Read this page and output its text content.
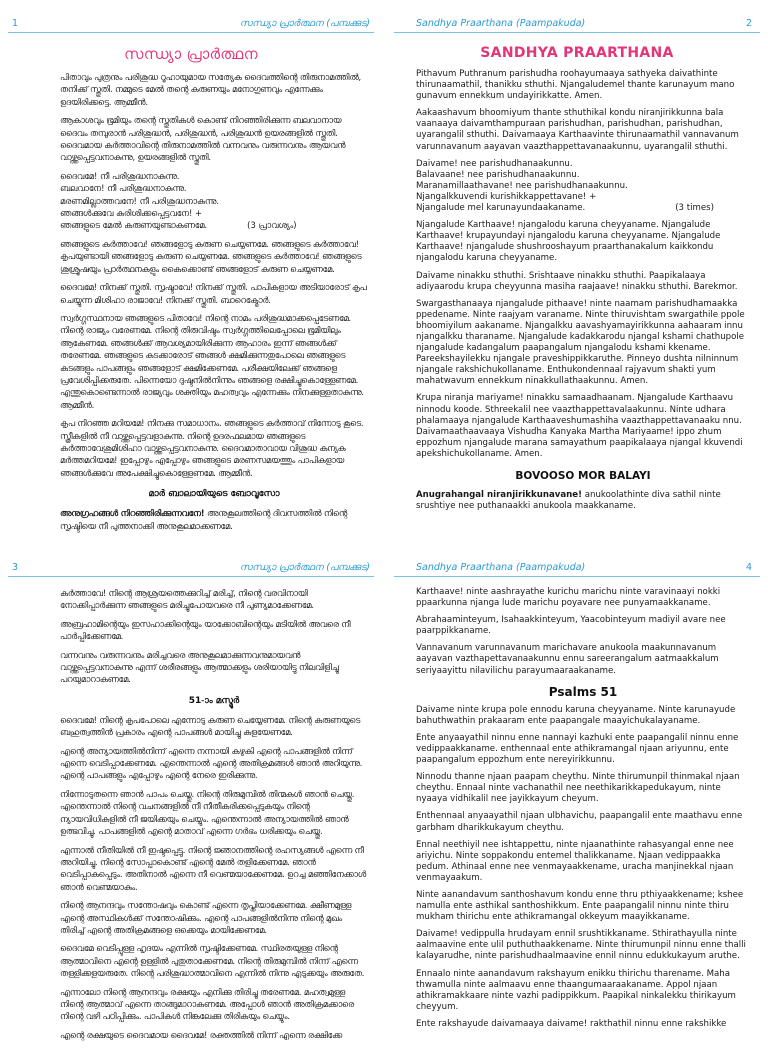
1	സന്ധ്യാ പ്രാർത്ഥന (പമ്പക്കുട)
സന്ധ്യാ പ്രാർത്ഥന

പിതാവും പുത്രനും പരിശുദ്ധ റൂഹായുമായ സത്യേക ദൈവത്തിന്റെ തിരുനാമത്തിൽ, തനിക്ക് സ്തുതി. നമ്മുടെ മേൽ തന്റെ കരുണയും മനോഗുണവും എന്നേക്കും ഉദയിരിക്കട്ടെ. ആമ്മീൻ.

ആകാശവും ഭൂമിയും തന്റെ സ്തുതികൾ കൊണ്ട് നിറഞ്ഞിരിക്കുന്ന ബലവാനായ ദൈവം തമ്പുരാൻ പരിശുദ്ധൻ, പരിശുദ്ധൻ, പരിശുദ്ധൻ ഉയരങ്ങളിൽ സ്തുതി. ദൈവമായ കർത്താവിന്റെ തിരുനാമത്തിൽ വന്നവനും വരുന്നവനും ആയവൻ വാഴ്ത്തപ്പെട്ടവനാകുന്നു, ഉയരങ്ങളിൽ സ്തുതി.

ദൈവമേ! നീ പരിശുദ്ധനാകുന്നു.
ബലവാനേ! നീ പരിശുദ്ധനാകുന്നു.
മരണമില്ലാത്തവനേ! നീ പരിശുദ്ധനാകുന്നു.
ഞങ്ങൾക്കുവേ കുരിശിക്കപ്പെട്ടവനേ! +
ഞങ്ങളുടെ മേൽ കരുണയുണ്ടാകണമേ.	(3 പ്രാവശ്യം)

ഞങ്ങളുടെ കർത്താവേ! ഞങ്ങളോടു കരുണ ചെയ്യണമേ. ഞങ്ങളുടെ കർത്താവേ! കൃപയുണ്ടായി ഞങ്ങളോടു കരുണ ചെയ്യണമേ. ഞങ്ങളുടെ കർത്താവേ! ഞങ്ങളുടെ ശുശ്രൂഷയും പ്രാർത്ഥനകളും കൈക്കൊണ്ട് ഞങ്ങളോട് കരുണ ചെയ്യണമേ.

ദൈവമേ! നിനക്ക് സ്തുതി. സൃഷ്ടാവേ! നിനക്ക് സ്തുതി. പാപികളായ അടിയാരോട് കൃപ ചെയ്യുന്ന മിശിഹാ രാജാവേ! നിനക്ക് സ്തുതി. ബാറെക്മോർ.

സ്വർഗ്ഗസ്ഥനായ ഞങ്ങളുടെ പിതാവേ! നിന്റെ നാമം പരിശുദ്ധമാക്കപ്പെടേണമേ. നിന്റെ രാജ്യം വരേണമേ. നിന്റെ തിരുവിഷ്ടം സ്വർഗ്ഗത്തിലെപ്പോലെ ഭൂമിയിലും ആകേണമേ. ഞങ്ങൾക്ക് ആവശ്യമായിരിക്കുന്ന ആഹാരം ഇന്ന് ഞങ്ങൾക്ക് തരേണമേ. ഞങ്ങളുടെ കടക്കാരോട് ഞങ്ങൾ ക്ഷമിക്കുന്നതുപോലെ ഞങ്ങളുടെ കടങ്ങളും പാപങ്ങളും ഞങ്ങളോട് ക്ഷമിക്കേണമേ. പരീക്ഷയിലേക്ക് ഞങ്ങളെ പ്രവേശിപ്പിക്കരുതേ. പിന്നെയോ ദുഷ്ടനിൽനിന്നും ഞങ്ങളെ രക്ഷിച്ചുകൊള്ളേണമേ. എന്തുകൊണ്ടെന്നാൽ രാജ്യവും ശക്തിയും മഹത്വവും എന്നേക്കും നിനക്കുള്ളതാകുന്നു. ആമ്മീൻ.

കൃപ നിറഞ്ഞ മറിയമേ! നിനക്കു സമാധാനം. ഞങ്ങളുടെ കർത്താവ് നിന്നോടു കൂടെ. സ്ത്രീകളിൽ നീ വാഴ്ത്തപ്പെട്ടവളാകുന്നു. നിന്റെ ഉദരഫലമായ ഞങ്ങളുടെ കർത്താവേശുമിശിഹാ വാഴ്ത്തപ്പെട്ടവനാകുന്നു. ദൈവമാതാവായ വിശുദ്ധ കന്യക മർത്തമറിയമേ! ഇപ്പോഴും എപ്പോഴും ഞങ്ങളുടെ മരണസമയത്തും പാപികളായ ഞങ്ങൾക്കുവേ അപേക്ഷിച്ചുകൊള്ളേണമേ. ആമ്മീൻ.

മാർ ബാലായിയുടെ ബോവൂസോ

അനുഗ്രഹങ്ങൾ നിറഞ്ഞിരിക്കുന്നവനേ! അനുകൂലത്തിന്റെ ദിവസത്തിൽ നിന്റെ സൃഷ്ടിയെ നീ പുത്തനാക്കി അനുകൂലമാക്കണമേ.

Sandhya Praarthana (Paampakuda)	2
SANDHYA PRAARTHANA

Pithavum Puthranum parishudha roohayumaaya sathyeka daivathinte thirunaamathil, thanikku sthuthi. Njangaludemel thante karunayum mano gunavum ennekkum undayirikkatte. Amen.

Aakaashavum bhoomiyum thante sthuthikal kondu niranjirikkunna bala vaanaaya daivamthampuraan parishudhan, parishudhan, parishudhan, uyarangalil sthuthi. Daivamaaya Karthaavinte thirunaamathil vannavanum varunnavanum aayavan vaazthappettavanaakunnu, uyarangalil sthuthi.

Daivame! nee parishudhanaakunnu.
Balavaane! nee parishudhanaakunnu.
Maranamillaathavane! nee parishudhanaakunnu.
Njangalkkuvendi kurishikkappettavane! +
Njangalude mel karunayundaakaname.	(3 times)

Njangalude Karthaave! njangalodu karuna cheyyaname. Njangalude Karthaave! krupayundayi njangalodu karuna cheyyaname. Njangalude Karthaave! njangalude shushrooshayum praarthanakalum kaikkondu njangalodu karuna cheyyaname.

Daivame ninakku sthuthi. Srishtaave ninakku sthuthi. Paapikalaaya adiyaarodu krupa cheyyunna masiha raajaave! ninakku sthuthi. Barekmor.

Swargasthanaaya njangalude pithaave! ninte naamam parishudhamaakka ppedename. Ninte raajyam varaname. Ninte thiruvishtam swargathile ppole bhoomiyilum aakaname. Njangalkku aavashyamayirikkunna aahaaram innu njangalkku tharaname. Njangalude kadakkarodu njangal kshami chathupole njangalude kadangalum paapangalum njangalodu kshami kkename. Pareekshayilekku njangale praveshippikkaruthe. Pinneyo dushta nilninnum njangale rakshichukollaname. Enthukondennaal rajyavum shakti yum mahatwavum ennekkum ninakkullathaakunnu. Amen.

Krupa niranja mariyame! ninakku samaadhaanam. Njangalude Karthaavu ninnodu koode. Sthreekalil nee vaazthappettavalaakunnu. Ninte udhara phalamaaya njangalude Karthaaveshumashiha vaazthappettavanaaku nnu. Daivamaathaavaaya Vishudha Kanyaka Martha Mariyaame! ippo zhum eppozhum njangalude marana samayathum paapikalaaya njangal kkuvendi apekshichukollaname. Amen.

BOVOOSO MOR BALAYI

Anugrahangal niranjirikkunavane! anukoolathinte diva sathil ninte srushtiye nee puthanaakki anukoola maakkaname.

3	സന്ധ്യാ പ്രാർത്ഥന (പമ്പക്കുട)

കർത്താവേ! നിന്റെ ആശ്രയത്തെക്കുറിച്ച് മരിച്ച്, നിന്റെ വരവിനായി നോക്കിപ്പാർക്കുന്ന ഞങ്ങളുടെ മരിച്ചുപോയവരെ നീ പുണ്യമാക്കേണമേ.

അബ്രഹാമിന്റെയും ഇസഹാക്കിന്റെയും യാക്കോബിന്റെയും മടിയിൽ അവരെ നീ പാർപ്പിക്കേണമേ.

വന്നവനും വരുന്നവനും മരിച്ചവരെ അനുകൂലമാക്കുന്നവനുമായവൻ വാഴ്ത്തപ്പെട്ടവനാകുന്നു എന്ന് ശരീരങ്ങളും ആത്മാക്കളും ശരിയായിട്ടു നിലവിളിച്ചു പറയുമാറാകണമേ.

51-ാം മസ്മൂർ

ദൈവമേ! നിന്റെ കൃപപോലെ എന്നോടു കരുണ ചെയ്യേണമേ. നിന്റെ കരുണയുടെ ബഹുത്വത്തിൻ പ്രകാരം എന്റെ പാപങ്ങൾ മായിച്ചു കളയേണമേ.

എന്റെ അന്യായത്തിൽനിന്ന് എന്നെ നന്നായി കഴുകി എന്റെ പാപങ്ങളിൽ നിന്ന് എന്നെ വെടിപ്പാക്കേണമേ. എന്തെന്നാൽ എന്റെ അതിക്രമങ്ങൾ ഞാൻ അറിയുന്നു. എന്റെ പാപങ്ങളും എപ്പോഴും എന്റെ നേരെ ഇരിക്കുന്നു.

നിന്നോടുതന്നെ ഞാൻ പാപം ചെയ്തു. നിന്റെ തിരുമുമ്പിൽ തിന്മകൾ ഞാൻ ചെയ്തു. എന്തെന്നാൽ നിന്റെ വചനങ്ങളിൽ നീ നീതീകരിക്കപ്പെടുകയും നിന്റെ ന്യായവിധികളിൽ നീ ജയിക്കയും ചെയ്യും. എന്തെന്നാൽ അന്യായത്തിൽ ഞാൻ ഉത്ഭവിച്ചു. പാപങ്ങളിൽ എന്റെ മാതാവ് എന്നെ ഗർഭം ധരിക്കയും ചെയ്തു.

എന്നാൽ നീതിയിൽ നീ ഇഷ്ടപ്പെട്ടു. നിന്റെ ജ്ഞാനത്തിന്റെ രഹസ്യങ്ങൾ എന്നെ നീ അറിയിച്ചു. നിന്റെ സോപ്പാകൊണ്ട് എന്റെ മേൽ തളിക്കേണമേ. ഞാൻ വെടിപ്പാകപ്പെടും. അതിനാൽ എന്നെ നീ വെണ്മയാക്കേണമേ. ഉറച്ച മഞ്ഞിനേക്കാൾ ഞാൻ വെണ്മയാകും.

നിന്റെ ആനന്ദവും സന്തോഷവും കൊണ്ട് എന്നെ തൃപ്തിയാക്കേണമേ. ക്ഷീണമുള്ള എന്റെ അസ്ഥികൾക്ക് സന്തോഷിക്കും. എന്റെ പാപങ്ങളിൽനിന്നു നിന്റെ മുഖം തിരിച്ച് എന്റെ അതിക്രമങ്ങളെ ഒക്കെയും മായിക്കേണമേ.

ദൈവമേ വെടിപ്പുള്ള ഹൃദയം എന്നിൽ സൃഷ്ടിക്കേണമേ. സ്ഥിരതയുള്ള നിന്റെ ആത്മാവിനെ എന്റെ ഉള്ളിൽ പുതുതാക്കേണമേ. നിന്റെ തിരുമുമ്പിൽ നിന്ന് എന്നെ തള്ളിക്കളയരുതേ. നിന്റെ പരിശുദ്ധാത്മാവിനെ എന്നിൽ നിന്നു എടുക്കയും അരുതേ.

എന്നാലോ നിന്റെ ആനന്ദവും രക്ഷയും എനിക്കു തിരിച്ചു തരേണമേ. മഹത്വമുള്ള നിന്റെ ആത്മാവ് എന്നെ താങ്ങുമാറാകണമേ. അപ്പോൾ ഞാൻ അതിക്രമക്കാരെ നിന്റെ വഴി പഠിപ്പിക്കും. പാപികൾ നിങ്കലേക്കു തിരികയും ചെയ്യും.

എന്റെ രക്ഷയുടെ ദൈവമായ ദൈവമേ! രക്തത്തിൽ നിന്ന് എന്നെ രക്ഷിക്കേ

Sandhya Praarthana (Paampakuda)	4

Karthaave! ninte aashrayathe kurichu marichu ninte varavinaayi nokki ppaarkunna njanga lude marichu poyavare nee punyamaakkaname.

Abrahaaminteyum, Isahaakkinteyum, Yaacobinteyum madiyil avare nee paarppikkaname.

Vannavanum varunnavanum marichavare anukoola maakunnavanum aayavan vazthapettavanaakunnu ennu sareerangalum aatmaakkalum seriyaayittu nilavilichu parayumaaraakaname.

Psalms 51

Daivame ninte krupa pole ennodu karuna cheyyaname. Ninte karunayude bahuthwathin prakaaram ente paapangale maayichukalayaname.

Ente anyaayathil ninnu enne nannayi kazhuki ente paapangalil ninnu enne vedippaakkaname. enthennaal ente athikramangal njaan ariyunnu, ente paapangalum eppozhum ente nereyirikkunnu.

Ninnodu thanne njaan paapam cheythu. Ninte thirumunpil thinmakal njaan cheythu. Ennaal ninte vachanathil nee neethikarikkapedukayum, ninte nyaaya vidhikalil nee jayikkayum cheyum.

Enthennaal anyaayathil njaan ulbhavichu, paapangalil ente maathavu enne garbham dharikkukayum cheythu.

Ennal neethiyil nee ishtappettu, ninte njaanathinte rahasyangal enne nee ariyichu. Ninte soppakondu entemel thalikkaname. Njaan vedippaakka pedum. Athinaal enne nee venmayaakkename, uracha manjinekkal njaan venmayaakum.

Ninte aanandavum santhoshavum kondu enne thru pthiyaakkename; kshee namulla ente asthikal santhoshikkum. Ente paapangalil ninnu ninte thiru mukham thirichu ente athikramangal okkeyum maayikkaname.

Daivame! vedippulla hrudayam ennil srushtikkaname. Sthirathayulla ninte aalmaavine ente ulil puthuthaakkename. Ninte thirumunpil ninnu enne thalli kalayarudhe, ninte parishudhaalmaavine ennil ninnu edukkukayum aruthe.

Ennaalo ninte aanandavum rakshayum enikku thirichu tharename. Maha thwamulla ninte aalmaavu enne thaangumaaraakaname. Appol njaan athikramakkaare ninte vazhi padippikkum. Paapikal ninkalekku thirikayum cheyyum.

Ente rakshayude daivamaaya daivame! rakthathil ninnu enne rakshikke
